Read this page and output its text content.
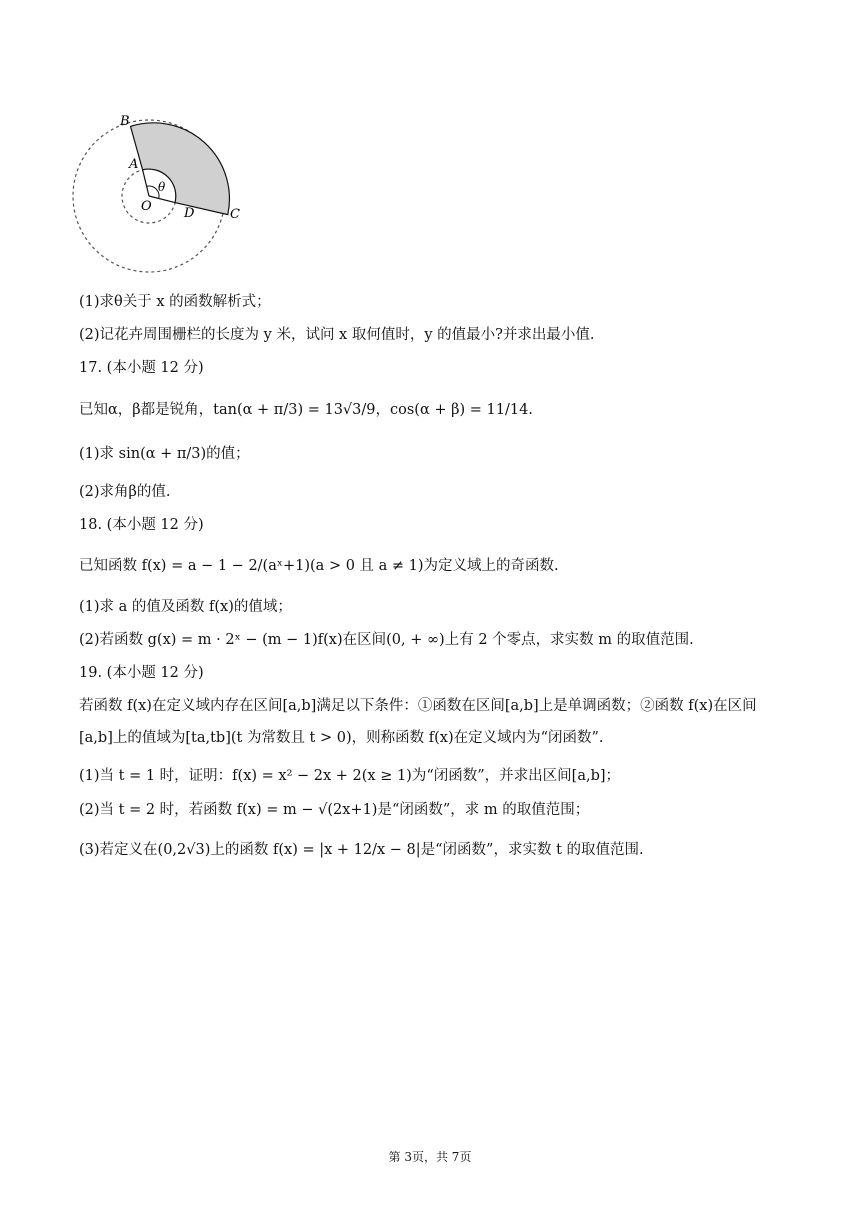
B
A
θ
O D	C
(1)求θ关于 x 的函数解析式；
(2)记花卉周围栅栏的长度为 y 米，试问 x 取何值时，y 的值最小?并求出最小值.
17. (本小题 12 分)
已知α，β都是锐角，tan(α + π/3) = 13√3/9，cos(α + β) = 11/14.
(1)求 sin(α + π/3)的值；
(2)求角β的值.
18. (本小题 12 分)
已知函数 f(x) = a − 1 − 2/(aˣ+1)(a > 0 且 a ≠ 1)为定义域上的奇函数.
(1)求 a 的值及函数 f(x)的值域；
(2)若函数 g(x) = m · 2ˣ − (m − 1)f(x)在区间(0, + ∞)上有 2 个零点，求实数 m 的取值范围.
19. (本小题 12 分)
若函数 f(x)在定义域内存在区间[a,b]满足以下条件：①函数在区间[a,b]上是单调函数；②函数 f(x)在区间[a,b]上的值域为[ta,tb](t 为常数且 t > 0)，则称函数 f(x)在定义域内为“闭函数”.
(1)当 t = 1 时，证明：f(x) = x² − 2x + 2(x ≥ 1)为“闭函数”，并求出区间[a,b]；
(2)当 t = 2 时，若函数 f(x) = m − √(2x+1)是“闭函数”，求 m 的取值范围；
(3)若定义在(0,2√3)上的函数 f(x) = |x + 12/x − 8|是“闭函数”，求实数 t 的取值范围.
第 3页，共 7页
